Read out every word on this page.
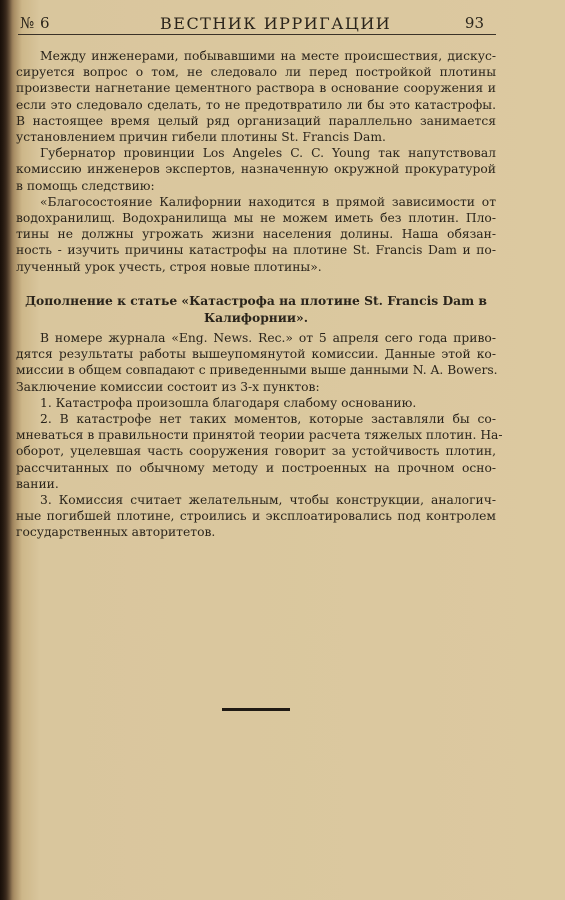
№ 6	ВЕСТНИК ИРРИГАЦИИ	93
Между инженерами, побывавшими на месте происшествия, дискус-
сируется вопрос о том, не следовало ли перед постройкой плотины
произвести нагнетание цементного раствора в основание сооружения и
если это следовало сделать, то не предотвратило ли бы это катастрофы.
В настоящее время целый ряд организаций параллельно занимается
установлением причин гибели плотины St. Francis Dam.
Губернатор провинции Los Angeles C. C. Young так напутствовал
комиссию инженеров экспертов, назначенную окружной прокуратурой
в помощь следствию:
«Благосостояние Калифорнии находится в прямой зависимости от
водохранилищ. Водохранилища мы не можем иметь без плотин. Пло-
тины не должны угрожать жизни населения долины. Наша обязан-
ность - изучить причины катастрофы на плотине St. Francis Dam и по-
лученный урок учесть, строя новые плотины».
Дополнение к статье «Катастрофа на плотине St. Francis Dam в
Калифорнии».
В номере журнала «Eng. News. Rec.» от 5 апреля сего года приво-
дятся результаты работы вышеупомянутой комиссии. Данные этой ко-
миссии в общем совпадают с приведенными выше данными N. A. Bowers.
Заключение комиссии состоит из 3-х пунктов:
1. Катастрофа произошла благодаря слабому основанию.
2. В катастрофе нет таких моментов, которые заставляли бы со-
мневаться в правильности принятой теории расчета тяжелых плотин. На-
оборот, уцелевшая часть сооружения говорит за устойчивость плотин,
рассчитанных по обычному методу и построенных на прочном осно-
вании.
3. Комиссия считает желательным, чтобы конструкции, аналогич-
ные погибшей плотине, строились и эксплоатировались под контролем
государственных авторитетов.
